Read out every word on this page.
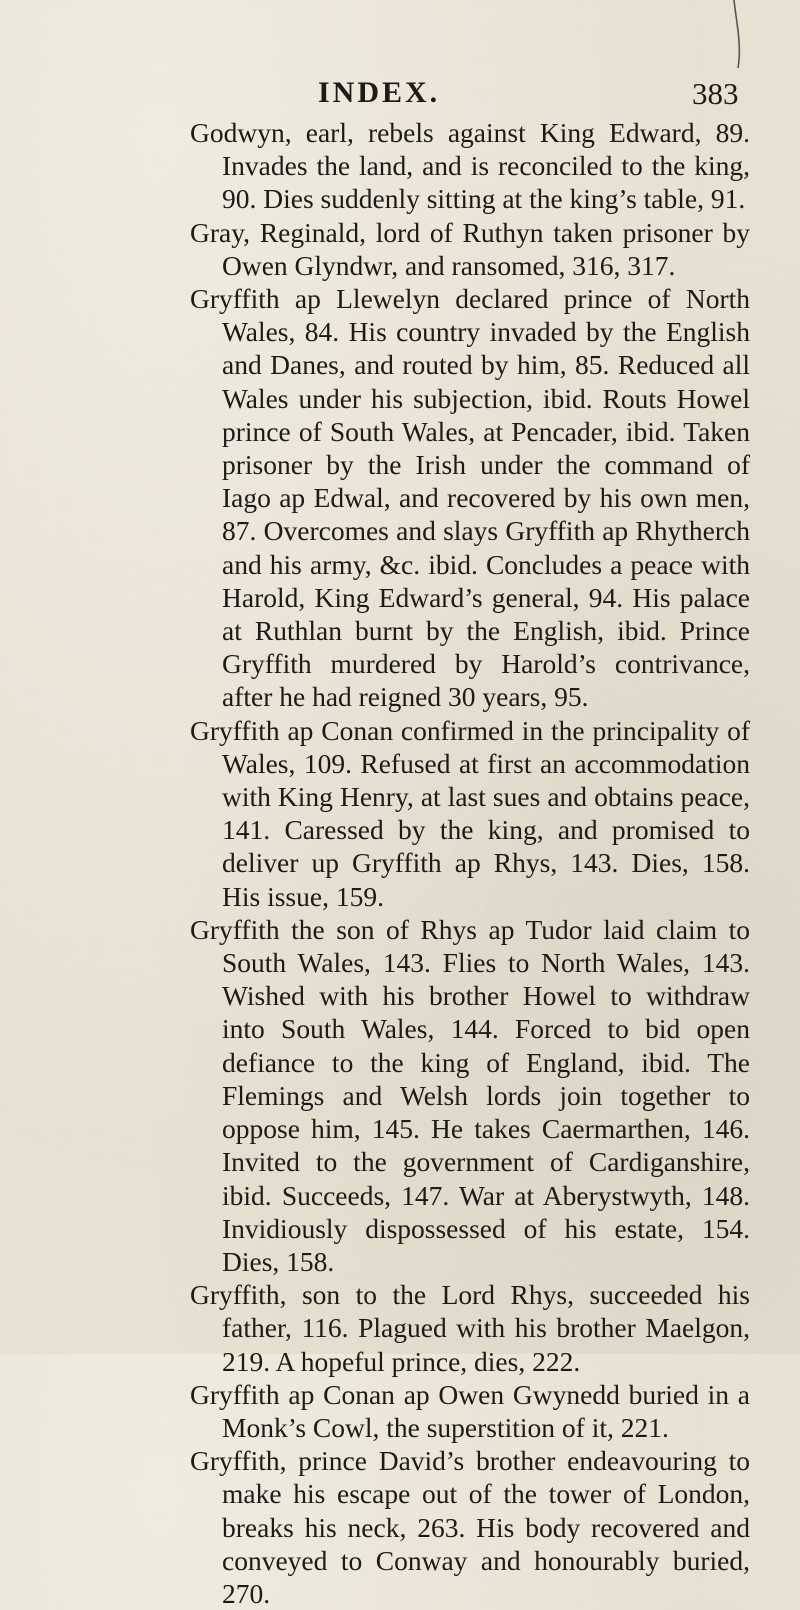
INDEX.	383

Godwyn, earl, rebels against King Edward, 89. Invades the land, and is reconciled to the king, 90. Dies suddenly sitting at the king’s table, 91.

Gray, Reginald, lord of Ruthyn taken prisoner by Owen Glyndwr, and ransomed, 316, 317.

Gryffith ap Llewelyn declared prince of North Wales, 84. His country invaded by the English and Danes, and routed by him, 85. Reduced all Wales under his subjection, ibid. Routs Howel prince of South Wales, at Pencader, ibid. Taken prisoner by the Irish under the command of Iago ap Edwal, and recovered by his own men, 87. Overcomes and slays Gryffith ap Rhytherch and his army, &c. ibid. Concludes a peace with Harold, King Edward’s general, 94. His palace at Ruthlan burnt by the English, ibid. Prince Gryffith murdered by Harold’s contrivance, after he had reigned 30 years, 95.

Gryffith ap Conan confirmed in the principality of Wales, 109. Refused at first an accommodation with King Henry, at last sues and obtains peace, 141. Caressed by the king, and promised to deliver up Gryffith ap Rhys, 143. Dies, 158. His issue, 159.

Gryffith the son of Rhys ap Tudor laid claim to South Wales, 143. Flies to North Wales, 143. Wished with his brother Howel to withdraw into South Wales, 144. Forced to bid open defiance to the king of England, ibid. The Flemings and Welsh lords join together to oppose him, 145. He takes Caermarthen, 146. Invited to the government of Cardiganshire, ibid. Succeeds, 147. War at Aberystwyth, 148. Invidiously dispossessed of his estate, 154. Dies, 158.

Gryffith, son to the Lord Rhys, succeeded his father, 116. Plagued with his brother Maelgon, 219. A hopeful prince, dies, 222.

Gryffith ap Conan ap Owen Gwynedd buried in a Monk’s Cowl, the superstition of it, 221.

Gryffith, prince David’s brother endeavouring to make his escape out of the tower of London, breaks his neck, 263. His body recovered and conveyed to Conway and honourably buried, 270.
